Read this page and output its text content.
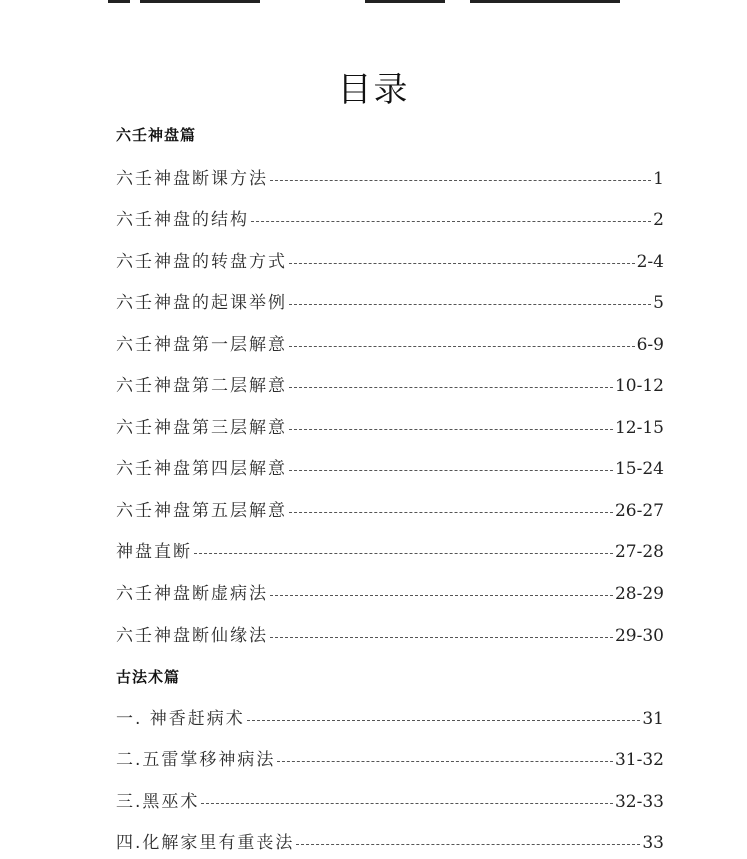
目录
六壬神盘篇
六壬神盘断课方法	1
六壬神盘的结构	2
六壬神盘的转盘方式	2-4
六壬神盘的起课举例	5
六壬神盘第一层解意	6-9
六壬神盘第二层解意	10-12
六壬神盘第三层解意	12-15
六壬神盘第四层解意	15-24
六壬神盘第五层解意	26-27
神盘直断	27-28
六壬神盘断虚病法	28-29
六壬神盘断仙缘法	29-30
古法术篇
一. 神香赶病术	31
二.五雷掌移神病法	31-32
三.黑巫术	32-33
四.化解家里有重丧法	33
